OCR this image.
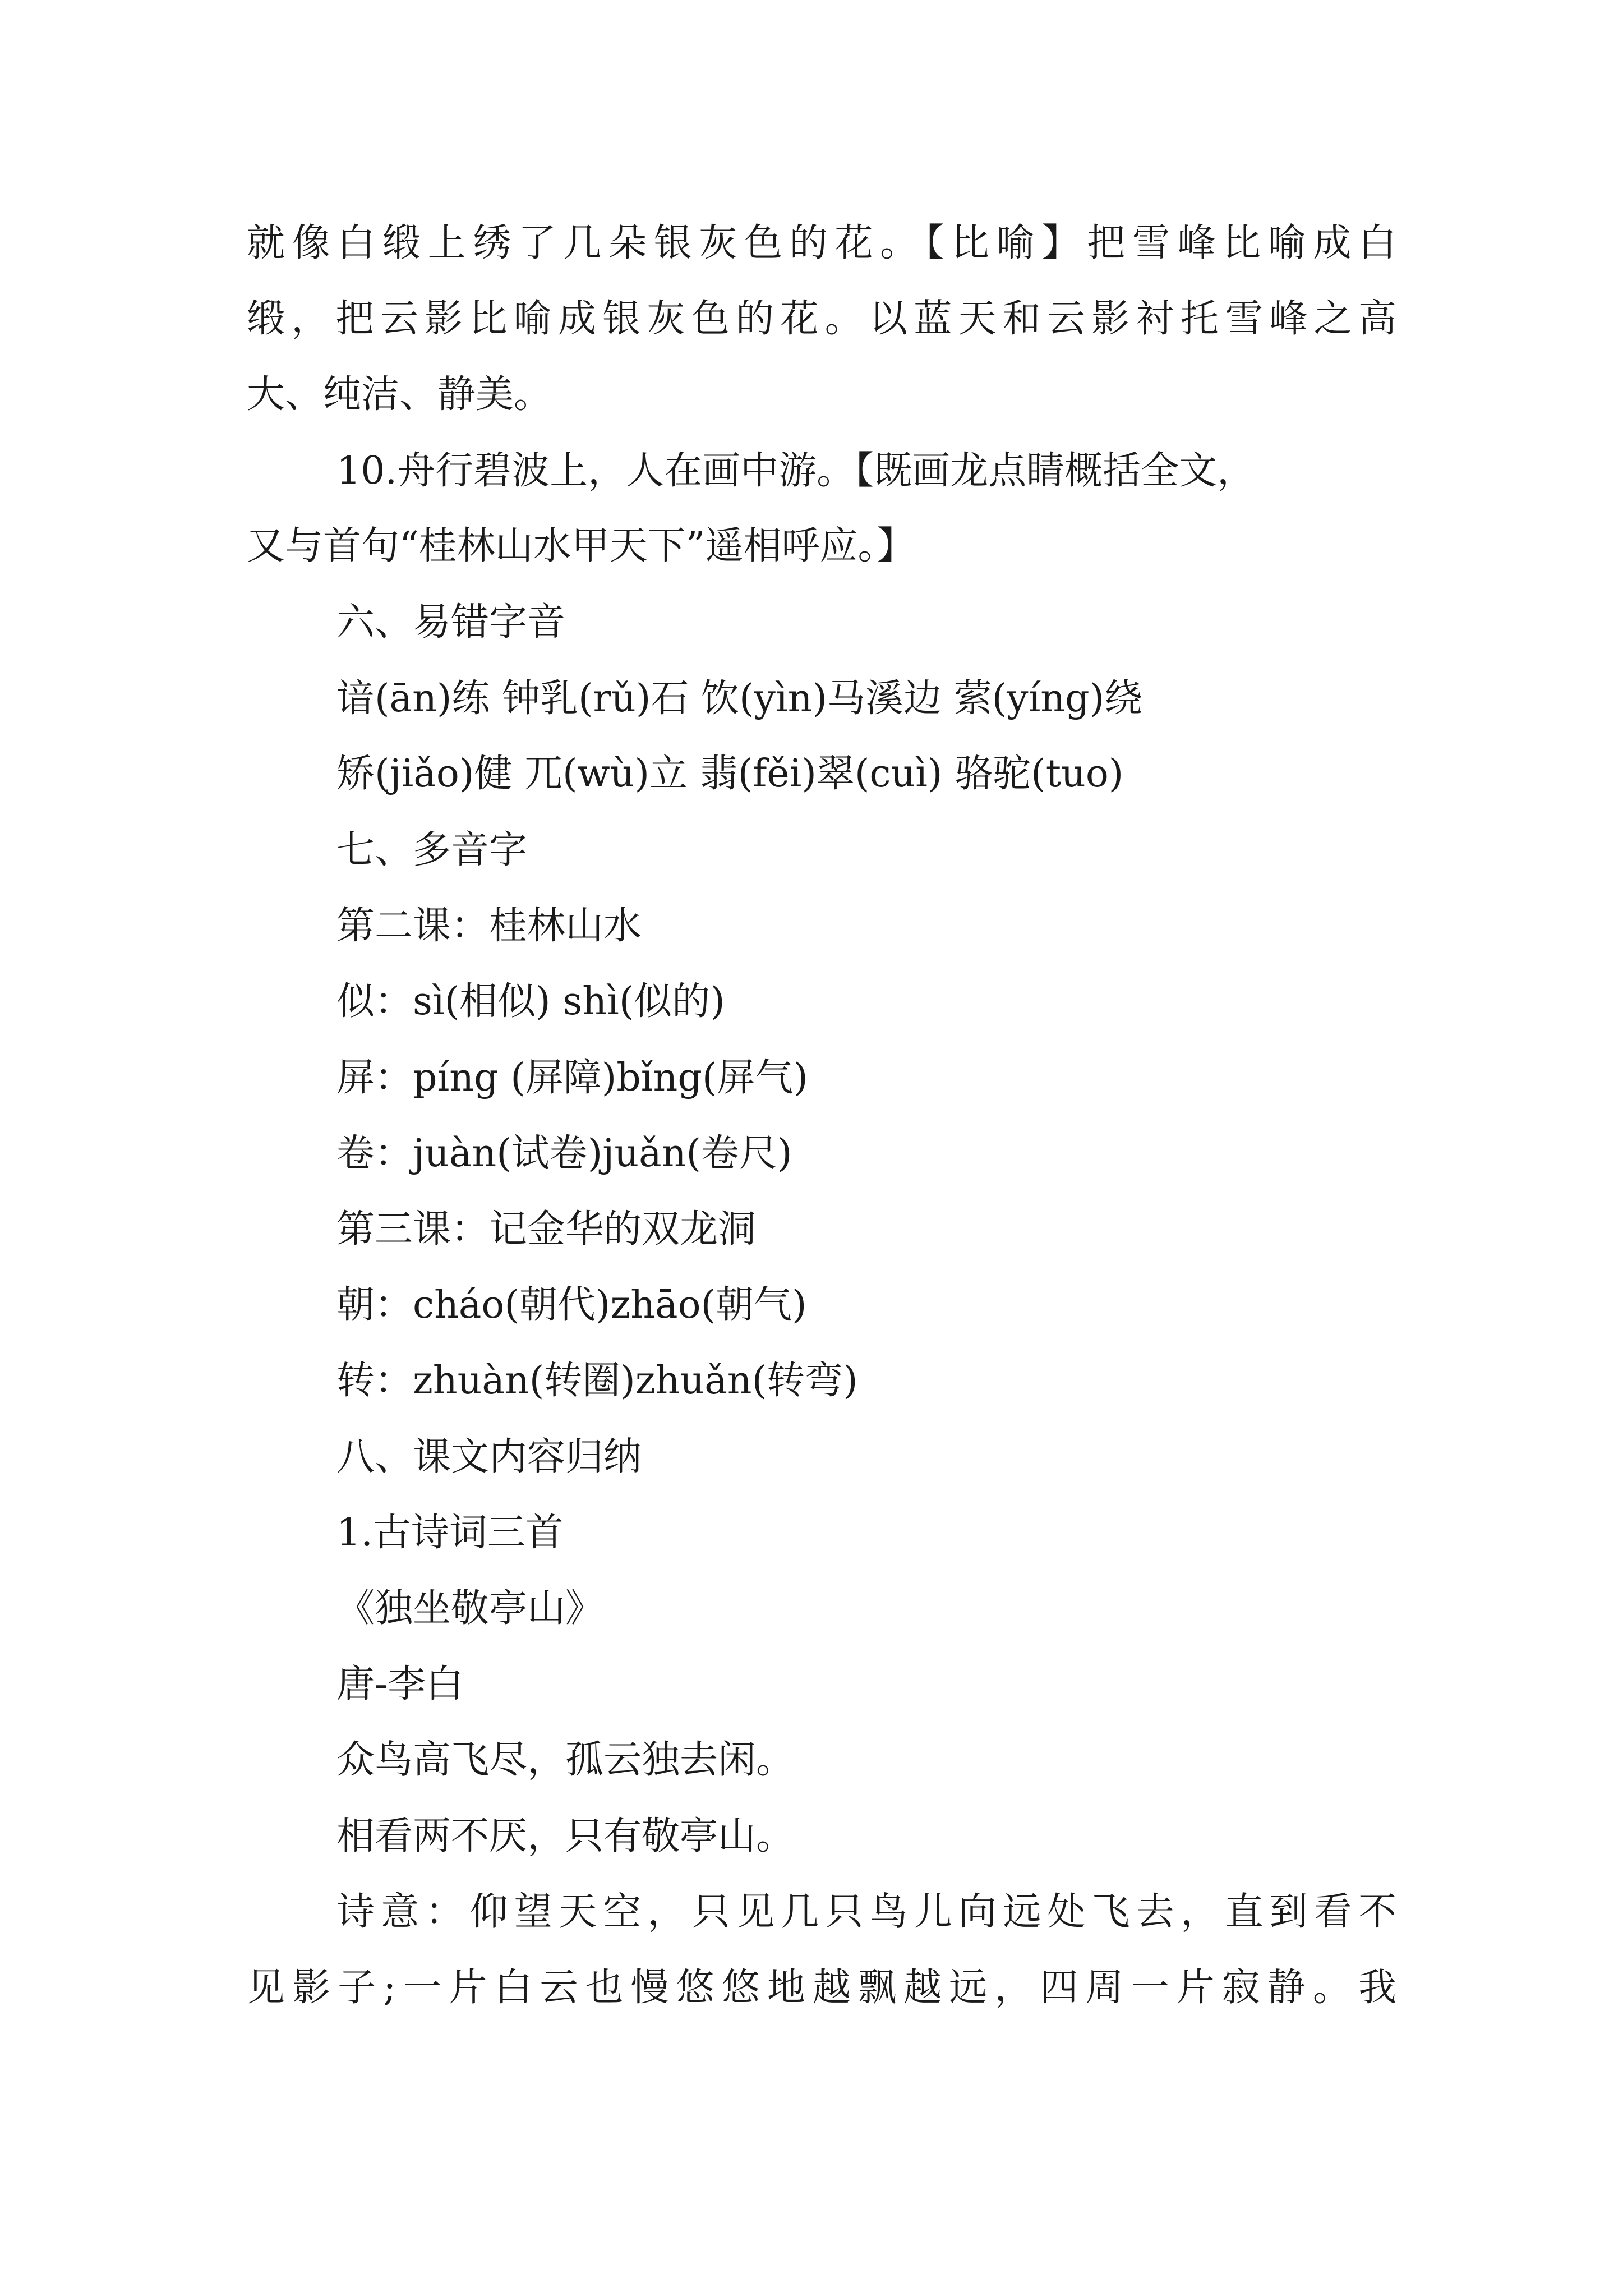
就像白缎上绣了几朵银灰色的花。【比喻】把雪峰比喻成白
缎，把云影比喻成银灰色的花。以蓝天和云影衬托雪峰之高
大、纯洁、静美。
10.舟行碧波上，人在画中游。【既画龙点睛概括全文，
又与首句“桂林山水甲天下”遥相呼应。】
六、易错字音
谙(ān)练 钟乳(rǔ)石 饮(yìn)马溪边 萦(yíng)绕
矫(jiǎo)健 兀(wù)立 翡(fěi)翠(cuì) 骆驼(tuo)
七、多音字
第二课：桂林山水
似：sì(相似) shì(似的)
屏：píng (屏障)bǐng(屏气)
卷：juàn(试卷)juǎn(卷尺)
第三课：记金华的双龙洞
朝：cháo(朝代)zhāo(朝气)
转：zhuàn(转圈)zhuǎn(转弯)
八、课文内容归纳
1.古诗词三首
《独坐敬亭山》
唐-李白
众鸟高飞尽，孤云独去闲。
相看两不厌，只有敬亭山。
诗意：仰望天空，只见几只鸟儿向远处飞去，直到看不
见影子;一片白云也慢悠悠地越飘越远，四周一片寂静。我
